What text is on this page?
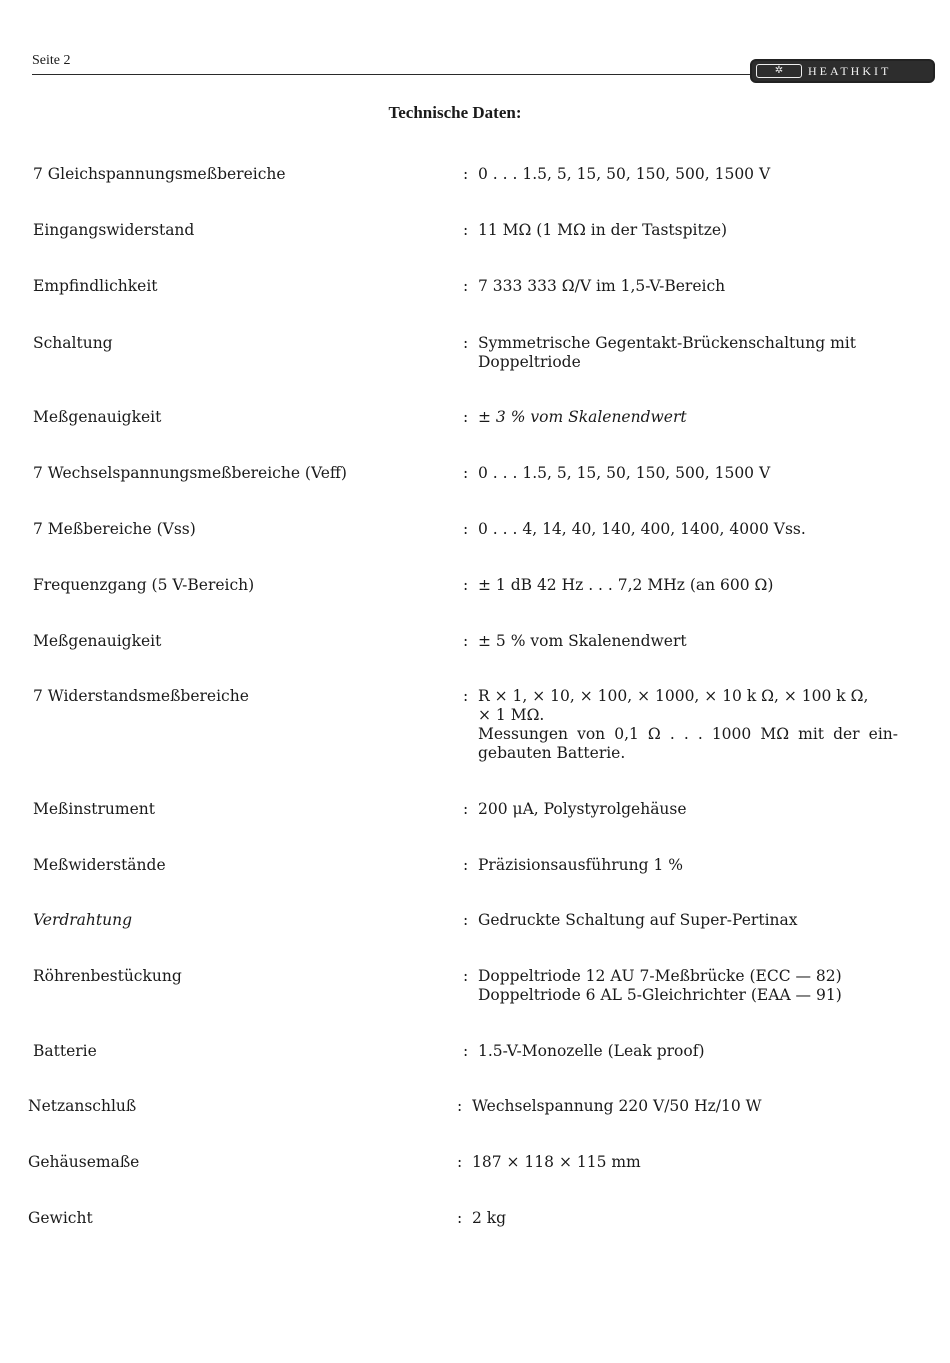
Seite 2
✲	HEATHKIT
Technische Daten:
7 Gleichspannungsmeßbereiche	: 0 . . . 1.5, 5, 15, 50, 150, 500, 1500 V
Eingangswiderstand	: 11 MΩ (1 MΩ in der Tastspitze)
Empfindlichkeit	: 7 333 333 Ω/V im 1,5-V-Bereich
Schaltung	: Symmetrische Gegentakt-Brückenschaltung mit
Doppeltriode
Meßgenauigkeit	: ± 3 % vom Skalenendwert
7 Wechselspannungsmeßbereiche (Veff)	: 0 . . . 1.5, 5, 15, 50, 150, 500, 1500 V
7 Meßbereiche (Vss)	: 0 . . . 4, 14, 40, 140, 400, 1400, 4000 Vss.
Frequenzgang (5 V-Bereich)	: ± 1 dB 42 Hz . . . 7,2 MHz (an 600 Ω)
Meßgenauigkeit	: ± 5 % vom Skalenendwert
7 Widerstandsmeßbereiche	: R × 1, × 10, × 100, × 1000, × 10 k Ω, × 100 k Ω,
× 1 MΩ.
Messungen von 0,1 Ω . . . 1000 MΩ mit der ein-
gebauten Batterie.
Meßinstrument	: 200 μA, Polystyrolgehäuse
Meßwiderstände	: Präzisionsausführung 1 %
Verdrahtung	: Gedruckte Schaltung auf Super-Pertinax
Röhrenbestückung	: Doppeltriode 12 AU 7-Meßbrücke (ECC — 82)
Doppeltriode 6 AL 5-Gleichrichter (EAA — 91)
Batterie	: 1.5-V-Monozelle (Leak proof)
Netzanschluß	: Wechselspannung 220 V/50 Hz/10 W
Gehäusemaße	: 187 × 118 × 115 mm
Gewicht	: 2 kg
